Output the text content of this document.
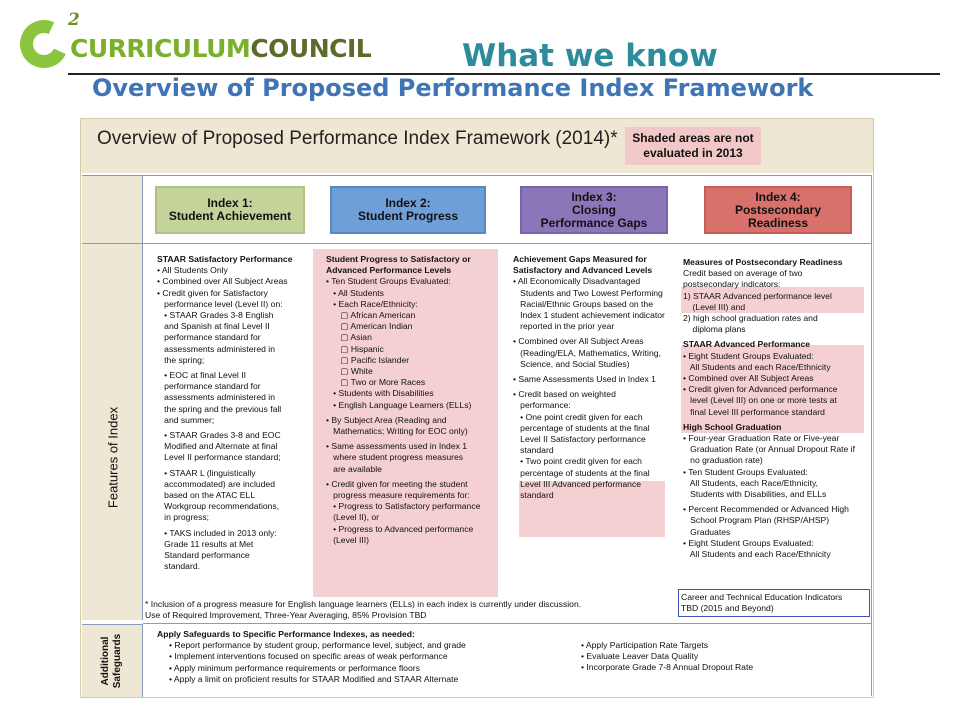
2
CURRICULUMCOUNCIL	What we know
Overview of Proposed Performance Index Framework
Overview of Proposed Performance Index Framework (2014)*	Shaded areas are not
evaluated in 2013
Features of Index
Additional Safeguards
Index 1:
Student Achievement
Index 2:
Student Progress
Index 3:
Closing
Performance Gaps
Index 4:
Postsecondary
Readiness
STAAR Satisfactory Performance
• All Students Only
• Combined over All Subject Areas
• Credit given for Satisfactory
performance level (Level II) on:
• STAAR Grades 3-8 English
and Spanish at final Level II
performance standard for
assessments administered in
the spring;

• EOC at final Level II
performance standard for
assessments administered in
the spring and the previous fall
and summer;

• STAAR Grades 3-8 and EOC
Modified and Alternate at final
Level II performance standard;

• STAAR L (linguistically
accommodated) are included
based on the ATAC ELL
Workgroup recommendations,
in progress;

• TAKS included in 2013 only:
Grade 11 results at Met
Standard performance
standard.
Student Progress to Satisfactory or
Advanced Performance Levels
• Ten Student Groups Evaluated:
• All Students
• Each Race/Ethnicity:
▢ African American
▢ American Indian
▢ Asian
▢ Hispanic
▢ Pacific Islander
▢ White
▢ Two or More Races
• Students with Disabilities
• English Language Learners (ELLs)

• By Subject Area (Reading and
Mathematics; Writing for EOC only)

• Same assessments used in Index 1
where student progress measures
are available

• Credit given for meeting the student
progress measure requirements for:
• Progress to Satisfactory performance
(Level II), or
• Progress to Advanced performance
(Level III)
Achievement Gaps Measured for
Satisfactory and Advanced Levels
• All Economically Disadvantaged
Students and Two Lowest Performing
Racial/Ethnic Groups based on the
Index 1 student achievement indicator
reported in the prior year

• Combined over All Subject Areas
(Reading/ELA, Mathematics, Writing,
Science, and Social Studies)

• Same Assessments Used in Index 1

• Credit based on weighted
performance:
• One point credit given for each
percentage of students at the final
Level II Satisfactory performance
standard
• Two point credit given for each
percentage of students at the final
Level III Advanced performance
standard
Measures of Postsecondary Readiness
Credit based on average of two
postsecondary indicators:
1) STAAR Advanced performance level
(Level III) and
2) high school graduation rates and
diploma plans

STAAR Advanced Performance
• Eight Student Groups Evaluated:
All Students and each Race/Ethnicity
• Combined over All Subject Areas
• Credit given for Advanced performance
level (Level III) on one or more tests at
final Level III performance standard

High School Graduation
• Four-year Graduation Rate or Five-year
Graduation Rate (or Annual Dropout Rate if
no graduation rate)
• Ten Student Groups Evaluated:
All Students, each Race/Ethnicity,
Students with Disabilities, and ELLs

• Percent Recommended or Advanced High
School Program Plan (RHSP/AHSP)
Graduates
• Eight Student Groups Evaluated:
All Students and each Race/Ethnicity
Career and Technical Education Indicators
TBD (2015 and Beyond)
* Inclusion of a progress measure for English language learners (ELLs) in each index is currently under discussion.
Use of Required Improvement, Three-Year Averaging, 85% Provision TBD
Apply Safeguards to Specific Performance Indexes, as needed:
• Report performance by student group, performance level, subject, and grade
• Implement interventions focused on specific areas of weak performance
• Apply minimum performance requirements or performance floors
• Apply a limit on proficient results for STAAR Modified and STAAR Alternate
• Apply Participation Rate Targets
• Evaluate Leaver Data Quality
• Incorporate Grade 7-8 Annual Dropout Rate
